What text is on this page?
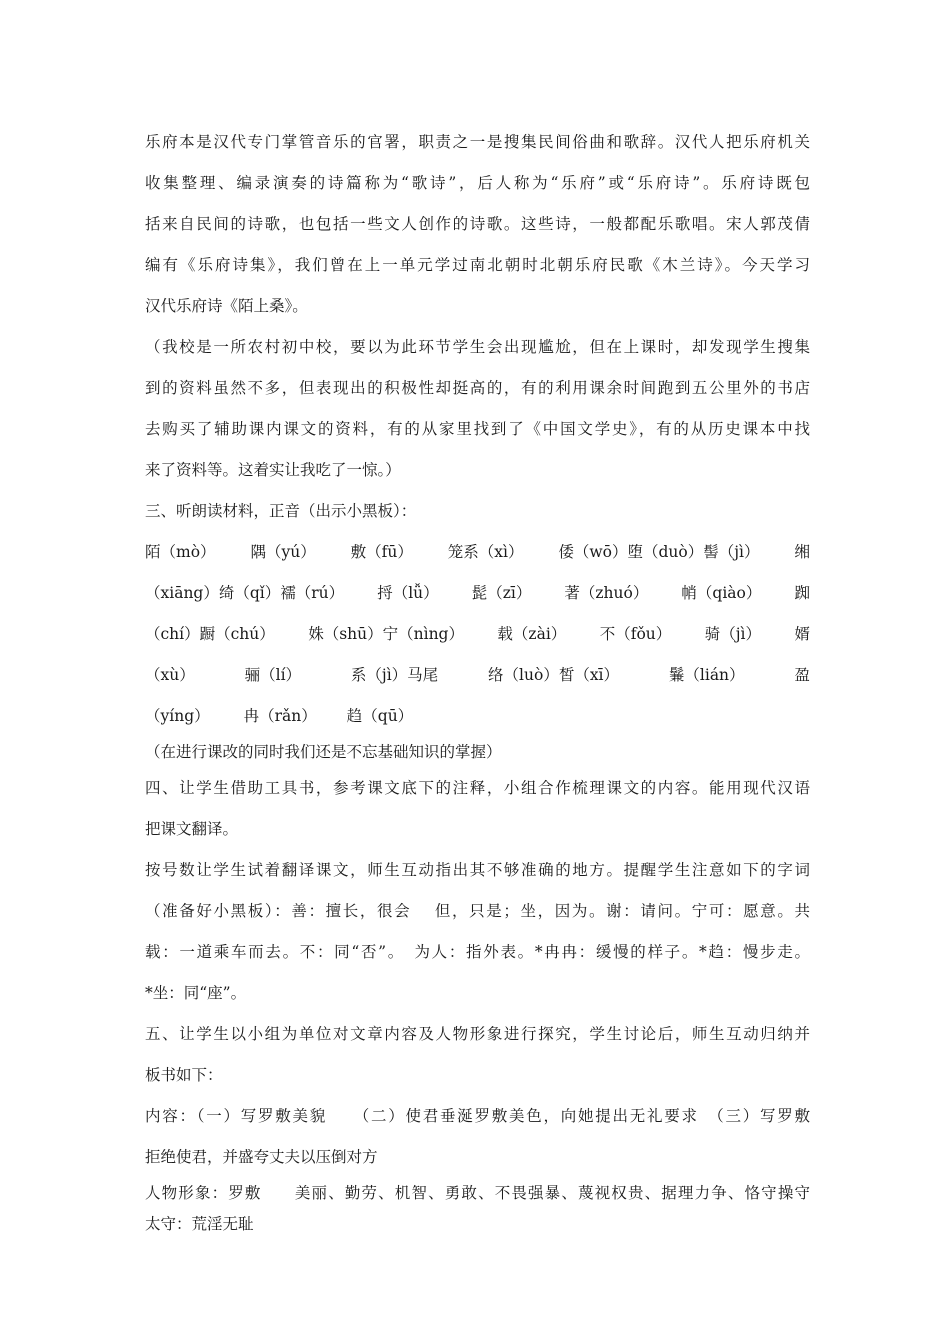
乐府本是汉代专门掌管音乐的官署，职责之一是搜集民间俗曲和歌辞。汉代人把乐府机关

收集整理、编录演奏的诗篇称为“歌诗”，后人称为“乐府”或“乐府诗”。乐府诗既包

括来自民间的诗歌，也包括一些文人创作的诗歌。这些诗，一般都配乐歌唱。宋人郭茂倩

编有《乐府诗集》，我们曾在上一单元学过南北朝时北朝乐府民歌《木兰诗》。今天学习

汉代乐府诗《陌上桑》。

（我校是一所农村初中校，要以为此环节学生会出现尴尬，但在上课时，却发现学生搜集

到的资料虽然不多，但表现出的积极性却挺高的，有的利用课余时间跑到五公里外的书店

去购买了辅助课内课文的资料，有的从家里找到了《中国文学史》，有的从历史课本中找

来了资料等。这着实让我吃了一惊。）

三、听朗读材料，正音（出示小黑板）：

陌（mò） 隅（yú） 敷（fū） 笼系（xì） 倭（wō）堕（duò）髻（jì） 缃
（xiāng）绮（qǐ）襦（rú） 捋（lǚ） 髭（zī） 著（zhuó） 帩（qiào） 踟
（chí）蹰（chú） 姝（shū）宁（nìng） 载（zài） 不（fǒu） 骑（jì） 婿
（xù）	骊（lí）	系（jì）马尾	络（luò）皙（xī）	鬑（lián）	盈
（yíng） 冉（rǎn） 趋（qū）

（在进行课改的同时我们还是不忘基础知识的掌握）

四、让学生借助工具书，参考课文底下的注释，小组合作梳理课文的内容。能用现代汉语

把课文翻译。

按号数让学生试着翻译课文，师生互动指出其不够准确的地方。提醒学生注意如下的字词

（准备好小黑板）：善：擅长，很会　 但，只是；坐，因为。谢：请问。宁可：愿意。共

载：一道乘车而去。不：同“否”。　为人：指外表。*冉冉：缓慢的样子。*趋：慢步走。

*坐：同“座”。

五、让学生以小组为单位对文章内容及人物形象进行探究，学生讨论后，师生互动归纳并

板书如下：

内容：（一）写罗敷美貌　　（二）使君垂涎罗敷美色，向她提出无礼要求　（三）写罗敷

拒绝使君，并盛夸丈夫以压倒对方

人物形象：罗敷　　美丽、勤劳、机智、勇敢、不畏强暴、蔑视权贵、据理力争、恪守操守

太守：荒淫无耻
